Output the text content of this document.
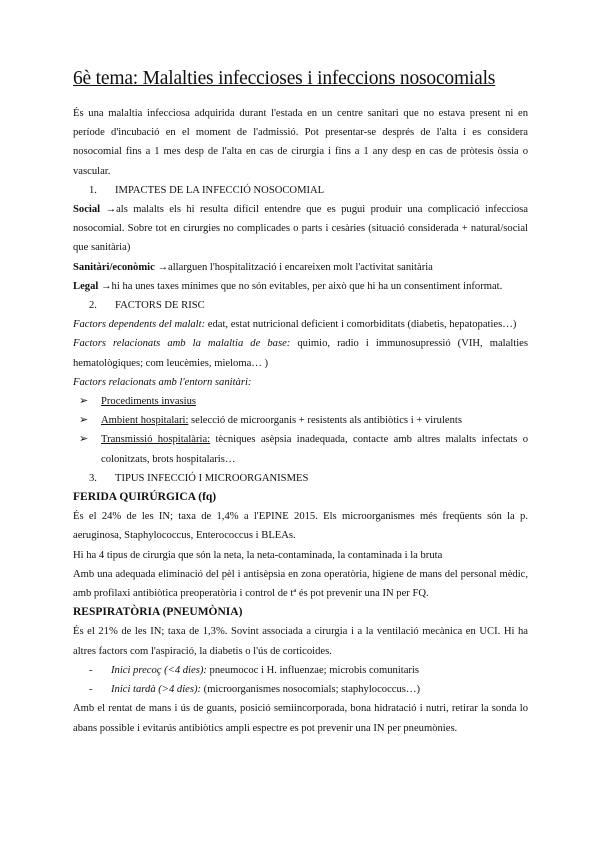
6è tema: Malalties infeccioses i infeccions nosocomials

És una malaltia infecciosa adquirida durant l'estada en un centre sanitari que no estava present ni en període d'incubació en el moment de l'admissió. Pot presentar-se després de l'alta i es considera nosocomial fins a 1 mes desp de l'alta en cas de cirurgia i fins a 1 any desp en cas de pròtesis òssia o vascular.

1.	IMPACTES DE LA INFECCIÓ NOSOCOMIAL

Social →als malalts els hi resulta difícil entendre que es pugui produir una complicació infecciosa nosocomial. Sobre tot en cirurgies no complicades o parts i cesàries (situació considerada + natural/social que sanitària)

Sanitàri/econòmic →allarguen l'hospitalització i encareixen molt l'activitat sanitària

Legal →hi ha unes taxes mínimes que no són evitables, per això que hi ha un consentiment informat.

2.	FACTORS DE RISC

Factors dependents del malalt: edat, estat nutricional deficient i comorbiditats (diabetis, hepatopaties…)

Factors relacionats amb la malaltia de base: quimio, radio i immunosupressió (VIH, malalties hematològiques; com leucèmies, mieloma… )

Factors relacionats amb l'entorn sanitàri:

➢	Procediments invasius
➢	Ambient hospitalari: selecció de microorganis + resistents als antibiòtics i + virulents
➢	Transmissió hospitalària: tècniques asèpsia inadequada, contacte amb altres malalts infectats o colonitzats, brots hospitalaris…
3.	TIPUS INFECCIÓ I MICROORGANISMES

FERIDA QUIRÚRGICA (fq)

És el 24% de les IN; taxa de 1,4% a l'EPINE 2015. Els microorganismes més freqüents són la p. aeruginosa, Staphylococcus, Enterococcus i BLEAs.

Hi ha 4 tipus de cirurgia que són la neta, la neta-contaminada, la contaminada i la bruta

Amb una adequada eliminació del pèl i antisèpsia en zona operatòria, higiene de mans del personal mèdic, amb profilaxi antibiòtica preoperatòria i control de tª és pot prevenir una IN per FQ.

RESPIRATÒRIA (PNEUMÒNIA)

És el 21% de les IN; taxa de 1,3%. Sovint associada a cirurgia i a la ventilació mecànica en UCI. Hi ha altres factors com l'aspiració, la diabetis o l'ús de corticoides.

-	Inici precoç (<4 dies): pneumococ i H. influenzae; microbis comunitaris
-	Inici tardà (>4 dies): (microorganismes nosocomials; staphylococcus…)

Amb el rentat de mans i ús de guants, posició semiincorporada, bona hidratació i nutri, retirar la sonda lo abans possible i evitarús antibiòtics ampli espectre es pot prevenir una IN per pneumònies.
